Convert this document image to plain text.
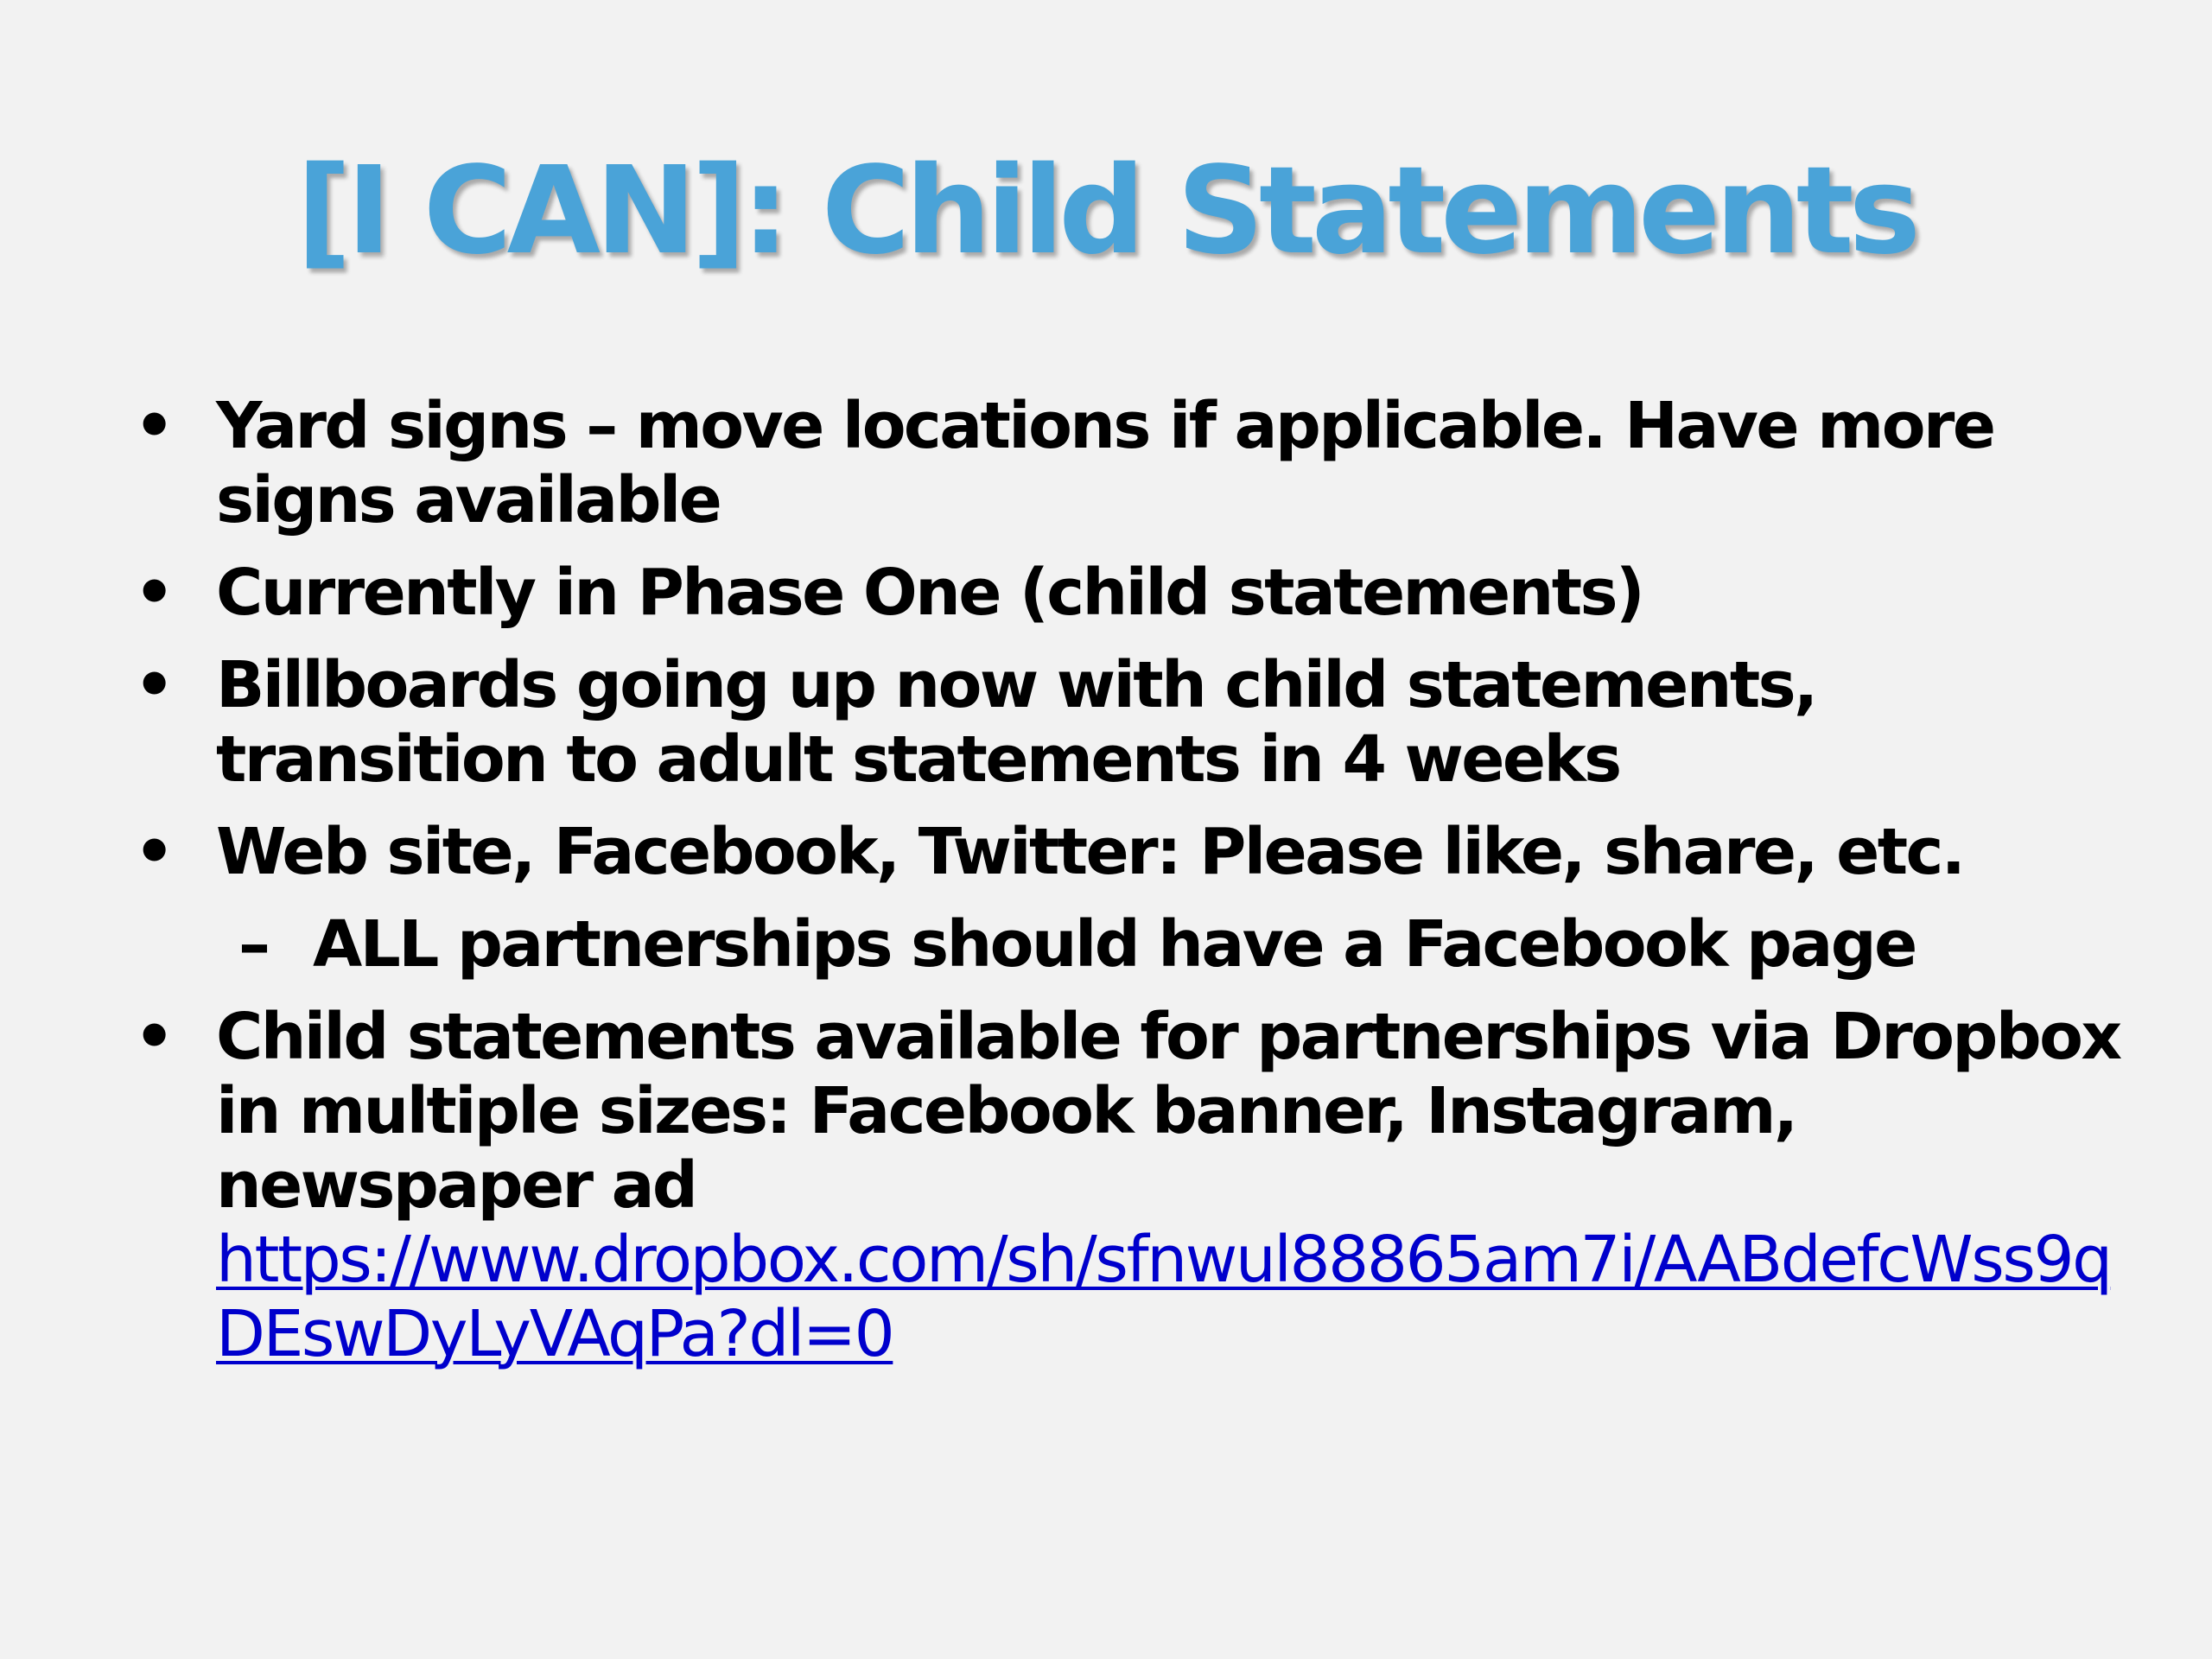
[I CAN]: Child Statements
• Yard signs – move locations if applicable. Have more signs available
• Currently in Phase One (child statements)
• Billboards going up now with child statements, transition to adult statements in 4 weeks
• Web site, Facebook, Twitter: Please like, share, etc.
– ALL partnerships should have a Facebook page
• Child statements available for partnerships via Dropbox in multiple sizes: Facebook banner, Instagram, newspaper ad
https://www.dropbox.com/sh/sfnwul88865am7i/AABdefcWss9qDEswDyLyVAqPa?dl=0
